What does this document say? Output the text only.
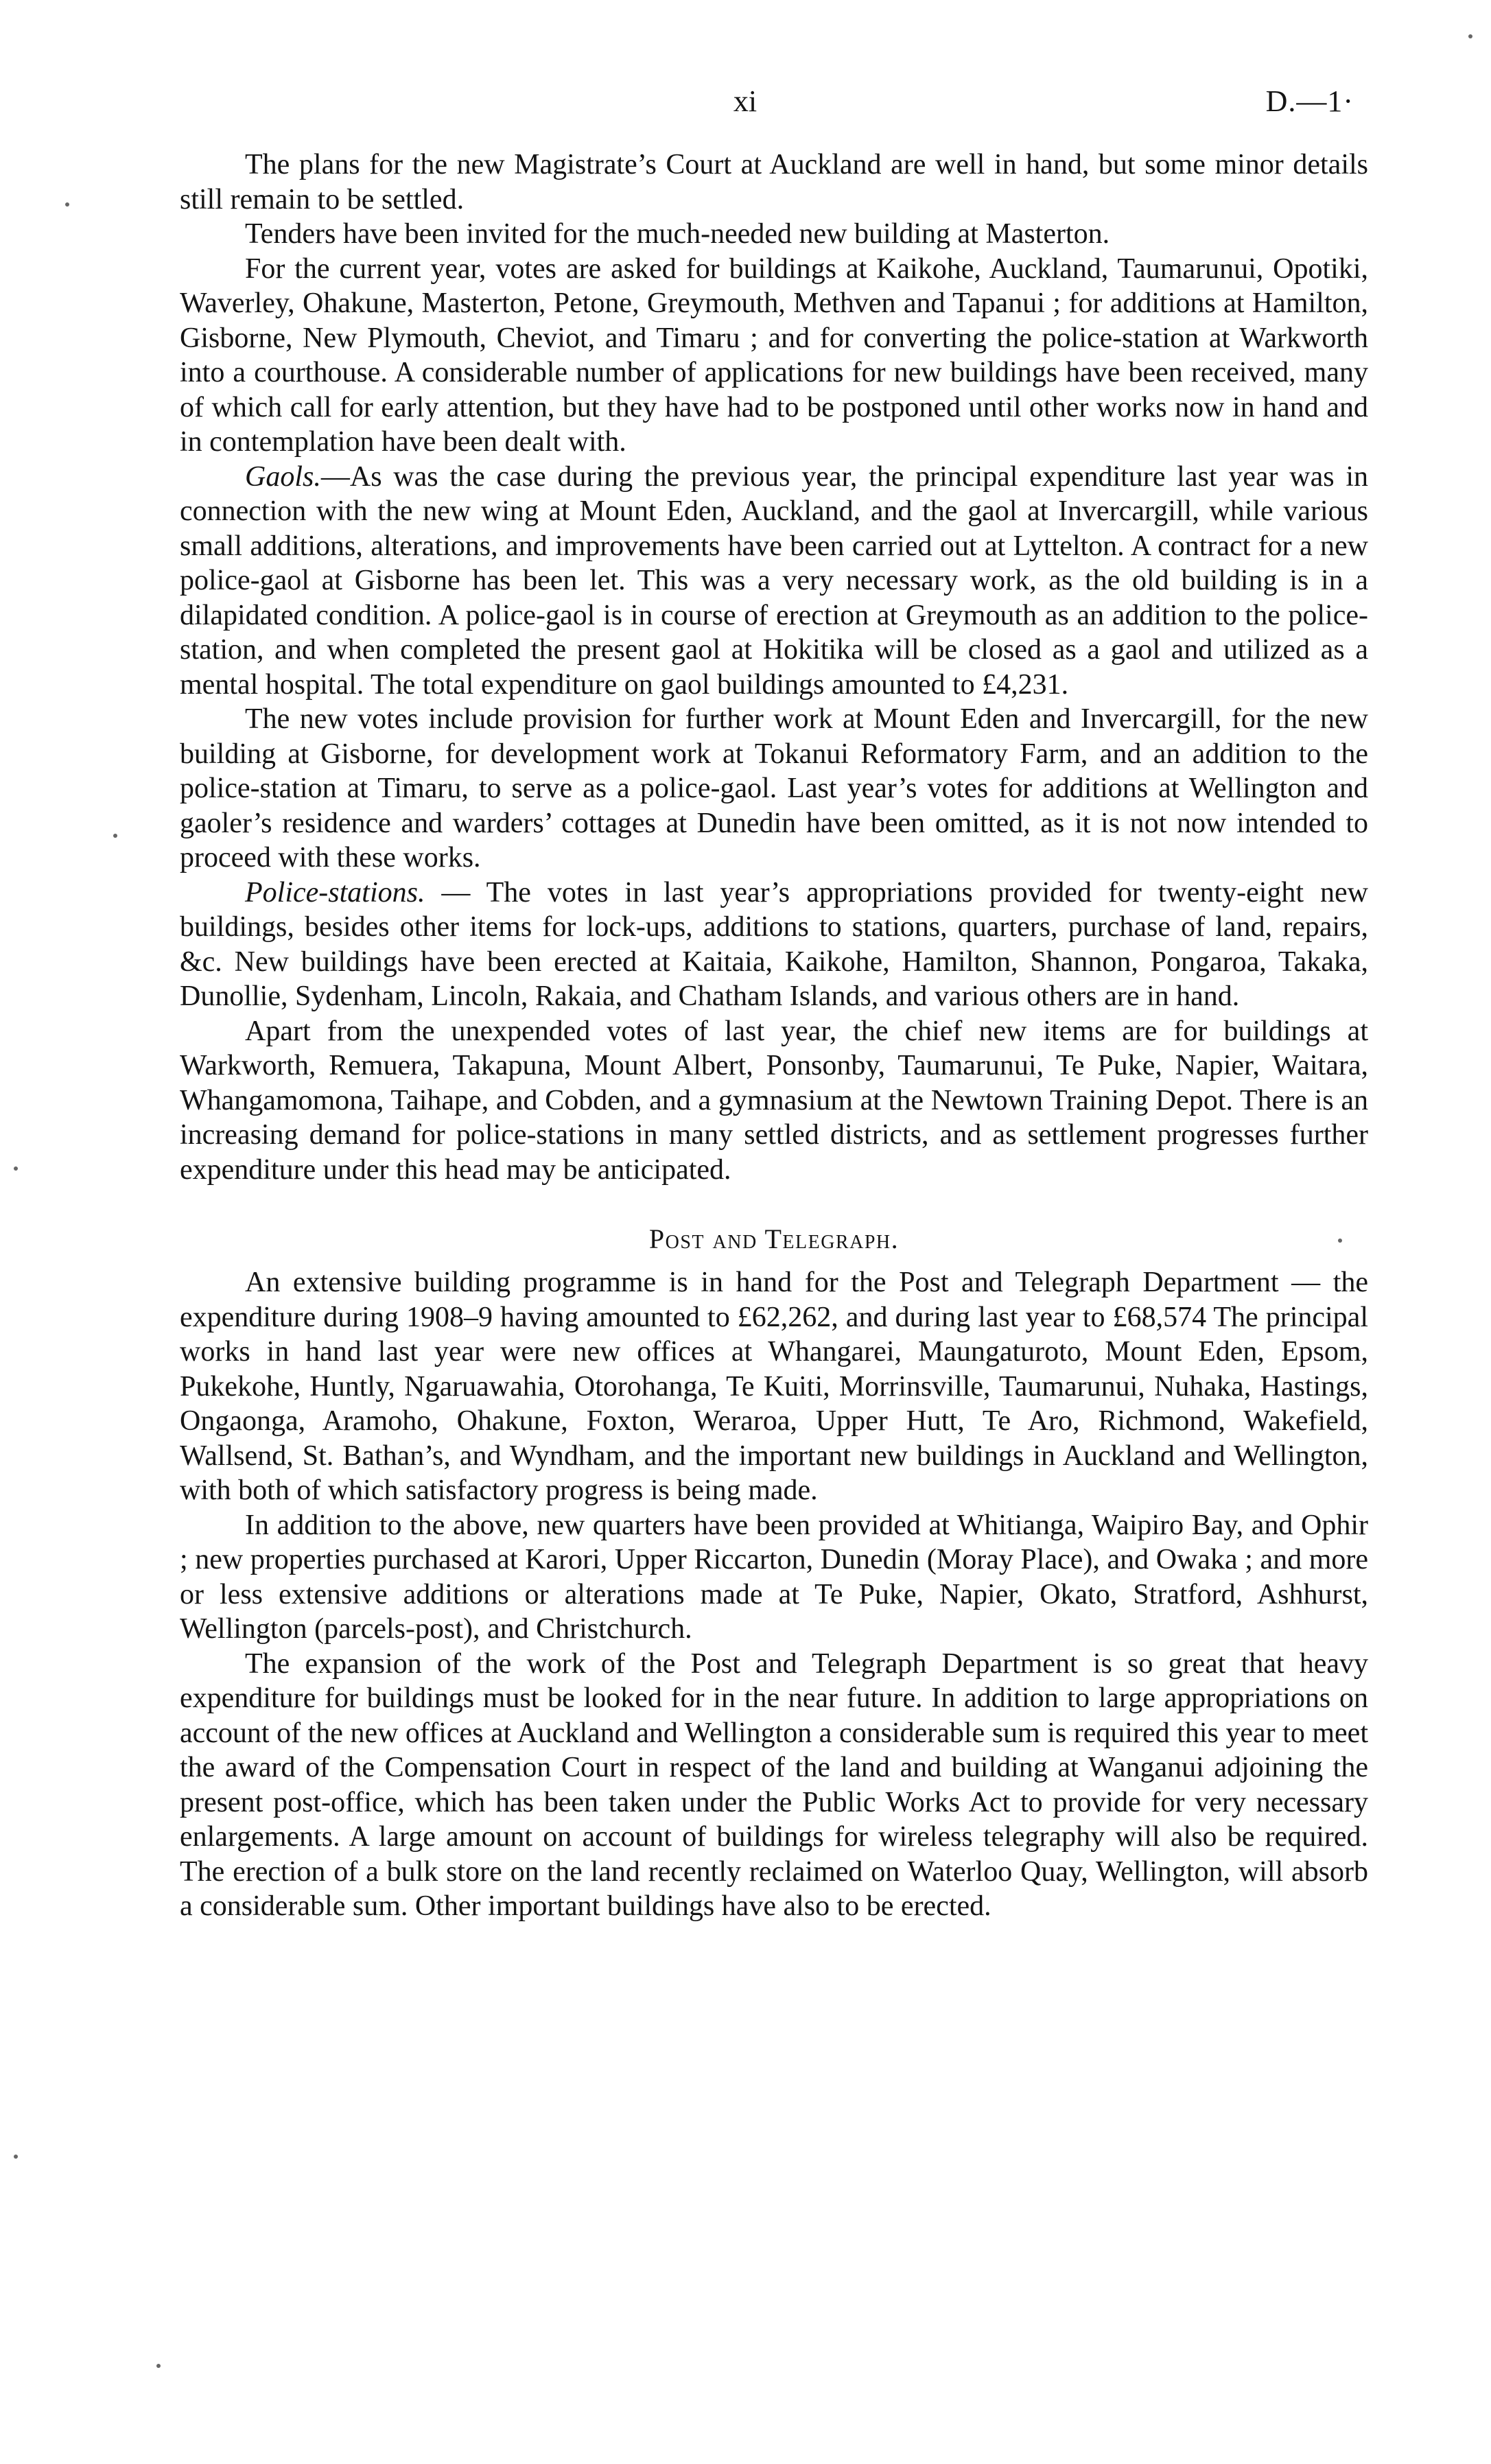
xi	D.—1·

The plans for the new Magistrate’s Court at Auckland are well in hand, but some minor details still remain to be settled.

Tenders have been invited for the much-needed new building at Masterton.

For the current year, votes are asked for buildings at Kaikohe, Auckland, Taumarunui, Opotiki, Waverley, Ohakune, Masterton, Petone, Greymouth, Methven and Tapanui ; for additions at Hamilton, Gisborne, New Plymouth, Cheviot, and Timaru ; and for converting the police-station at Warkworth into a courthouse. A considerable number of applications for new buildings have been received, many of which call for early attention, but they have had to be postponed until other works now in hand and in contemplation have been dealt with.

Gaols.—As was the case during the previous year, the principal expenditure last year was in connection with the new wing at Mount Eden, Auckland, and the gaol at Invercargill, while various small additions, alterations, and improvements have been carried out at Lyttelton. A contract for a new police-gaol at Gisborne has been let. This was a very necessary work, as the old building is in a dilapidated condition. A police-gaol is in course of erection at Greymouth as an addition to the police-station, and when completed the present gaol at Hokitika will be closed as a gaol and utilized as a mental hospital. The total expenditure on gaol buildings amounted to £4,231.

The new votes include provision for further work at Mount Eden and Invercargill, for the new building at Gisborne, for development work at Tokanui Reformatory Farm, and an addition to the police-station at Timaru, to serve as a police-gaol. Last year’s votes for additions at Wellington and gaoler’s residence and warders’ cottages at Dunedin have been omitted, as it is not now intended to proceed with these works.

Police-stations. — The votes in last year’s appropriations provided for twenty-eight new buildings, besides other items for lock-ups, additions to stations, quarters, purchase of land, repairs, &c. New buildings have been erected at Kaitaia, Kaikohe, Hamilton, Shannon, Pongaroa, Takaka, Dunollie, Sydenham, Lincoln, Rakaia, and Chatham Islands, and various others are in hand.

Apart from the unexpended votes of last year, the chief new items are for buildings at Warkworth, Remuera, Takapuna, Mount Albert, Ponsonby, Taumarunui, Te Puke, Napier, Waitara, Whangamomona, Taihape, and Cobden, and a gymnasium at the Newtown Training Depot. There is an increasing demand for police-stations in many settled districts, and as settlement progresses further expenditure under this head may be anticipated.

Post and Telegraph.

An extensive building programme is in hand for the Post and Telegraph Department — the expenditure during 1908–9 having amounted to £62,262, and during last year to £68,574 The principal works in hand last year were new offices at Whangarei, Maungaturoto, Mount Eden, Epsom, Pukekohe, Huntly, Ngaruawahia, Otorohanga, Te Kuiti, Morrinsville, Taumarunui, Nuhaka, Hastings, Ongaonga, Aramoho, Ohakune, Foxton, Weraroa, Upper Hutt, Te Aro, Richmond, Wakefield, Wallsend, St. Bathan’s, and Wyndham, and the important new buildings in Auckland and Wellington, with both of which satisfactory progress is being made.

In addition to the above, new quarters have been provided at Whitianga, Waipiro Bay, and Ophir ; new properties purchased at Karori, Upper Riccarton, Dunedin (Moray Place), and Owaka ; and more or less extensive additions or alterations made at Te Puke, Napier, Okato, Stratford, Ashhurst, Wellington (parcels-post), and Christchurch.

The expansion of the work of the Post and Telegraph Department is so great that heavy expenditure for buildings must be looked for in the near future. In addition to large appropriations on account of the new offices at Auckland and Wellington a considerable sum is required this year to meet the award of the Compensation Court in respect of the land and building at Wanganui adjoining the present post-office, which has been taken under the Public Works Act to provide for very necessary enlargements. A large amount on account of buildings for wireless telegraphy will also be required. The erection of a bulk store on the land recently reclaimed on Waterloo Quay, Wellington, will absorb a considerable sum. Other important buildings have also to be erected.
